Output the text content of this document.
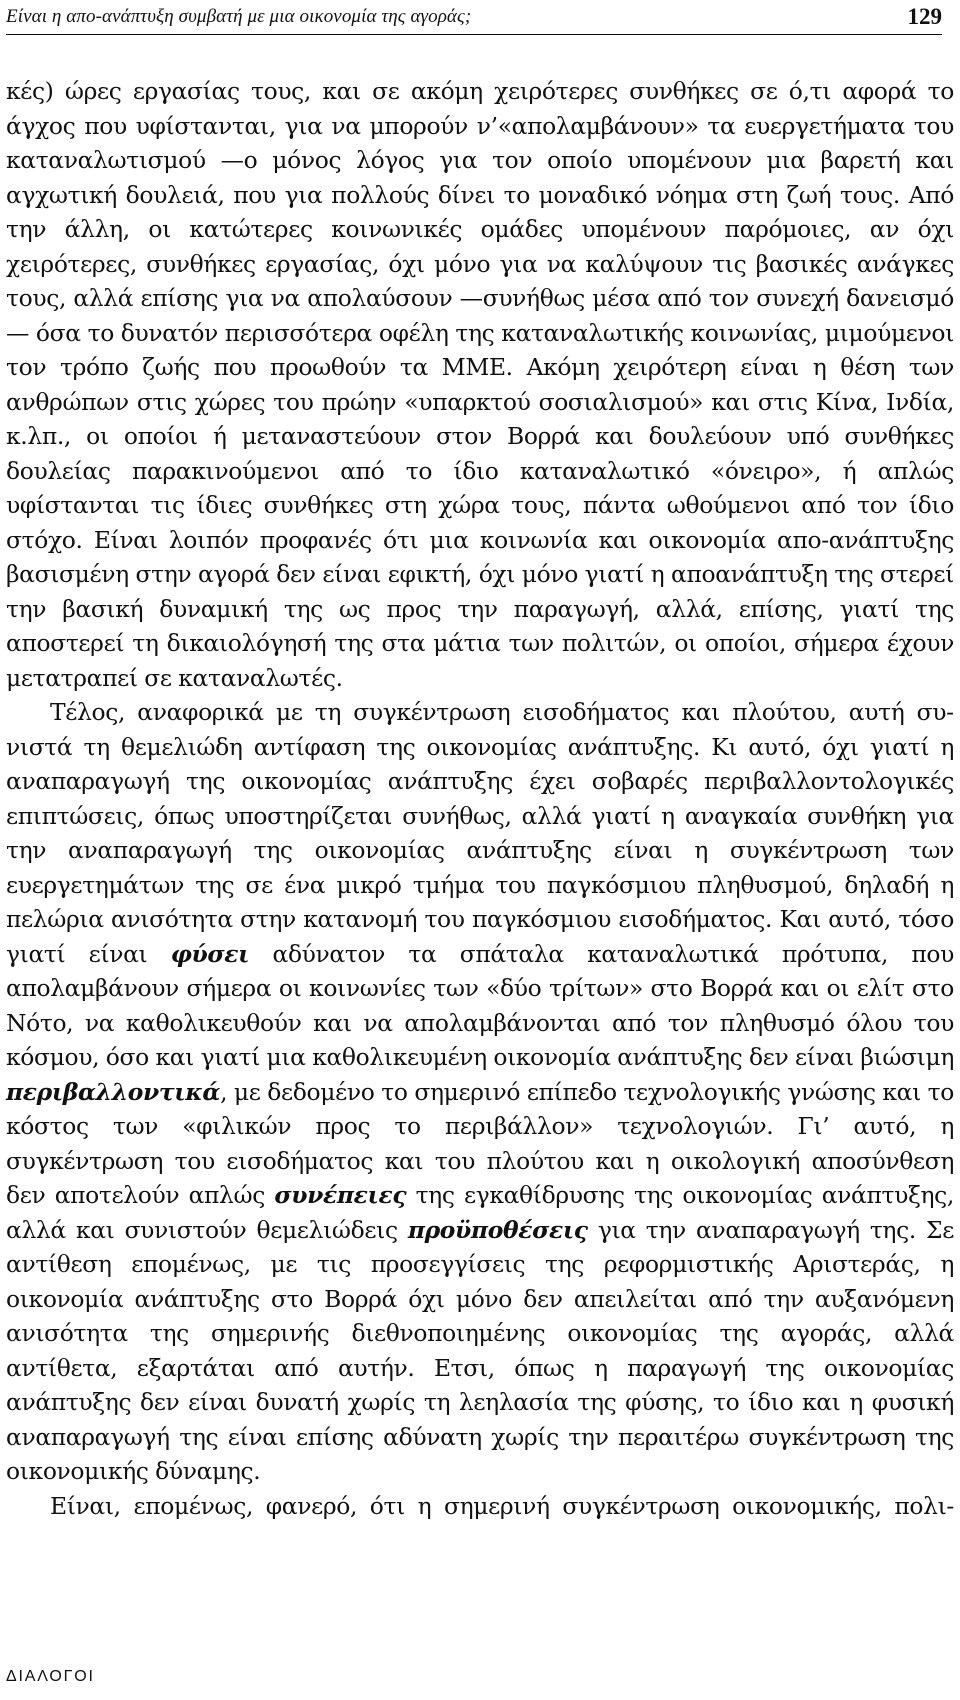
Είναι η απο-ανάπτυξη συμβατή με μια οικονομία της αγοράς;	129

κές) ώρες εργασίας τους, και σε ακόμη χειρότερες συνθήκες σε ό,τι αφορά το άγχος που υφίστανται, για να μπορούν ν’«απολαμβάνουν» τα ευεργετήματα του καταναλωτισμού —ο μόνος λόγος για τον οποίο υπομένουν μια βαρετή και αγχωτική δουλειά, που για πολλούς δίνει το μοναδικό νόημα στη ζωή τους. Από την άλλη, οι κατώτερες κοινωνικές ομάδες υπομένουν παρόμοιες, αν όχι χειρότερες, συνθήκες εργασίας, όχι μόνο για να καλύψουν τις βασικές ανάγκες τους, αλλά επίσης για να απολαύσουν —συνήθως μέσα από τον συνεχή δανεισμό— όσα το δυνατόν περισσότερα οφέλη της καταναλωτικής κοινωνίας, μιμούμενοι τον τρόπο ζωής που προωθούν τα ΜΜΕ. Ακόμη χειρότερη είναι η θέση των ανθρώπων στις χώρες του πρώην «υπαρκτού σοσιαλισμού» και στις Κίνα, Ινδία, κ.λπ., οι οποίοι ή μεταναστεύουν στον Βορρά και δουλεύουν υπό συνθήκες δουλείας παρακινούμενοι από το ίδιο καταναλωτικό «όνειρο», ή απλώς υφίστανται τις ίδιες συνθήκες στη χώρα τους, πάντα ωθούμενοι από τον ίδιο στόχο. Είναι λοιπόν προφανές ότι μια κοινωνία και οικονομία απο-ανάπτυξης βασισμένη στην αγορά δεν είναι εφικτή, όχι μόνο γιατί η αποανάπτυξη της στερεί την βασική δυναμική της ως προς την παραγωγή, αλλά, επίσης, γιατί της αποστερεί τη δικαιολόγησή της στα μάτια των πολιτών, οι οποίοι, σήμερα έχουν μετατραπεί σε καταναλωτές.

Τέλος, αναφορικά με τη συγκέντρωση εισοδήματος και πλούτου, αυτή συνιστά τη θεμελιώδη αντίφαση της οικονομίας ανάπτυξης. Κι αυτό, όχι γιατί η αναπαραγωγή της οικονομίας ανάπτυξης έχει σοβαρές περιβαλλοντολογικές επιπτώσεις, όπως υποστηρίζεται συνήθως, αλλά γιατί η αναγκαία συνθήκη για την αναπαραγωγή της οικονομίας ανάπτυξης είναι η συγκέντρωση των ευεργετημάτων της σε ένα μικρό τμήμα του παγκόσμιου πληθυσμού, δηλαδή η πελώρια ανισότητα στην κατανομή του παγκόσμιου εισοδήματος. Και αυτό, τόσο γιατί είναι φύσει αδύνατον τα σπάταλα καταναλωτικά πρότυπα, που απολαμβάνουν σήμερα οι κοινωνίες των «δύο τρίτων» στο Βορρά και οι ελίτ στο Νότο, να καθολικευθούν και να απολαμβάνονται από τον πληθυσμό όλου του κόσμου, όσο και γιατί μια καθολικευμένη οικονομία ανάπτυξης δεν είναι βιώσιμη περιβαλλοντικά, με δεδομένο το σημερινό επίπεδο τεχνολογικής γνώσης και το κόστος των «φιλικών προς το περιβάλλον» τεχνολογιών. Γι’ αυτό, η συγκέντρωση του εισοδήματος και του πλούτου και η οικολογική αποσύνθεση δεν αποτελούν απλώς συνέπειες της εγκαθίδρυσης της οικονομίας ανάπτυξης, αλλά και συνιστούν θεμελιώδεις προϋποθέσεις για την αναπαραγωγή της. Σε αντίθεση επομένως, με τις προσεγγίσεις της ρεφορμιστικής Αριστεράς, η οικονομία ανάπτυξης στο Βορρά όχι μόνο δεν απειλείται από την αυξανόμενη ανισότητα της σημερινής διεθνοποιημένης οικονομίας της αγοράς, αλλά αντίθετα, εξαρτάται από αυτήν. Ετσι, όπως η παραγωγή της οικονομίας ανάπτυξης δεν είναι δυνατή χωρίς τη λεηλασία της φύσης, το ίδιο και η φυσική αναπαραγωγή της είναι επίσης αδύνατη χωρίς την περαιτέρω συγκέντρωση της οικονομικής δύναμης.

Είναι, επομένως, φανερό, ότι η σημερινή συγκέντρωση οικονομικής, πολι-

ΔΙΑΛΟΓΟΙ
